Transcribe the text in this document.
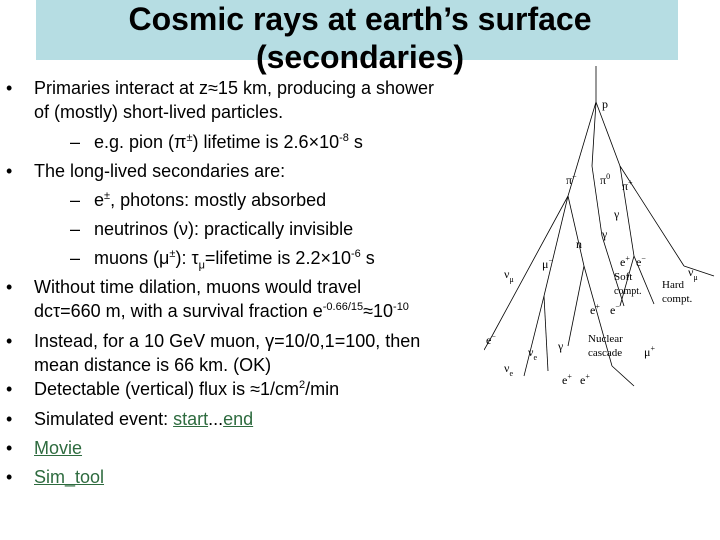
Cosmic rays at earth’s surface
(secondaries)
• Primaries interact at z≈15 km, producing a shower
of (mostly) short-lived particles.
– e.g. pion (π±) lifetime is $2.6\times 10^{-8}$ s
• The long-lived secondaries are:
– e±, photons: mostly absorbed
– neutrinos (ν): practically invisible
– muons (μ±): $\tau_\mu=lifetime$ is $2.2\times 10^{-6}$ s
• Without time dilation, muons would travel
dcτ=660 m, with a survival fraction $e^{-0.66/15}\approx 10^{-10}$
• Instead, for a 10 GeV muon, γ=10/0,1=100, then
mean distance is 66 km. (OK)
• Detectable (vertical) flux is $\approx 1/cm^2/\min$
• Simulated event: start...end
• Movie
• Sim_tool
p
π− $\pi^0$
π+
γ
γ
γ
n
$\nu_\mu$
μ−	e+ e−
e−
Soft
compt.
$\nu_\mu$
Hard
compt.
e+ e−
$\nu_e$
$\nu_e$
Nuclear
cascade
e+ e+
μ+
